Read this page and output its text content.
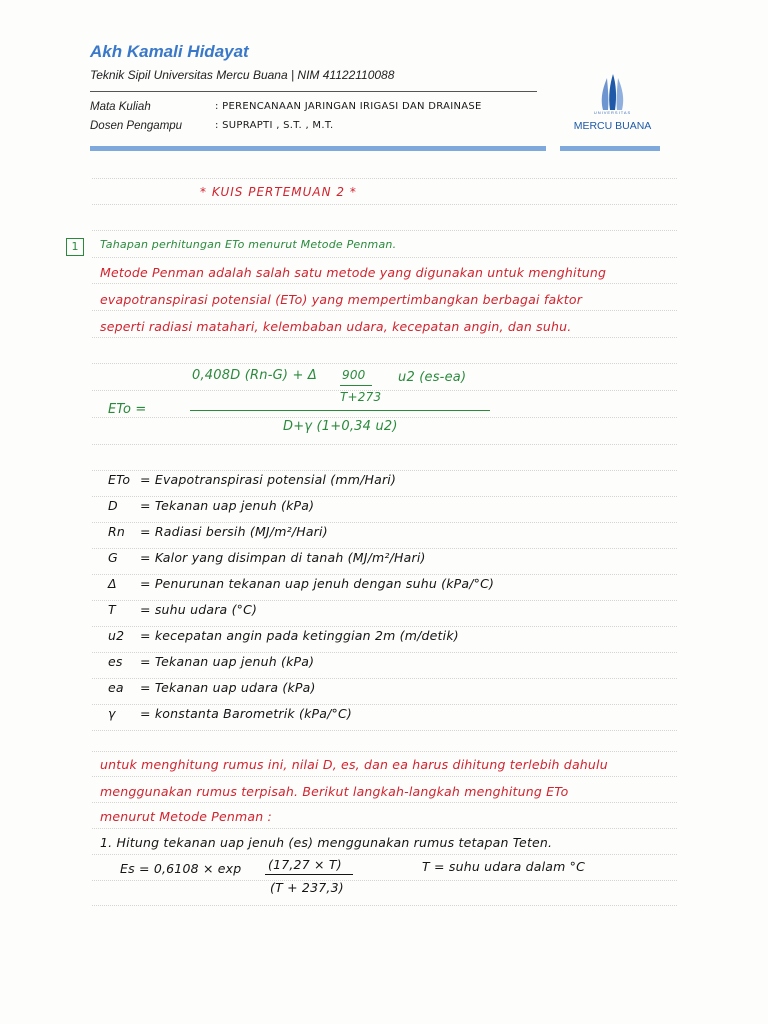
Akh Kamali Hidayat
Teknik Sipil Universitas Mercu Buana | NIM 41122110088
Mata Kuliah	: PERENCANAAN JARINGAN IRIGASI DAN DRAINASE
Dosen Pengampu	: SUPRAPTI , S.T. , M.T.
UNIVERSITAS
MERCU BUANA
* KUIS PERTEMUAN 2 *
1	Tahapan perhitungan ETo menurut Metode Penman.
Metode Penman adalah salah satu metode yang digunakan untuk menghitung
evapotranspirasi potensial (ETo) yang mempertimbangkan berbagai faktor
seperti radiasi matahari, kelembaban udara, kecepatan angin, dan suhu.
0,408D (Rn-G) + Δ 900 u2 (es-ea)
T+273
ETo =
D+γ (1+0,34 u2)
ETo = Evapotranspirasi potensial (mm/Hari)
D = Tekanan uap jenuh (kPa)
Rn = Radiasi bersih (MJ/m²/Hari)
G = Kalor yang disimpan di tanah (MJ/m²/Hari)
Δ = Penurunan tekanan uap jenuh dengan suhu (kPa/°C)
T = suhu udara (°C)
u2 = kecepatan angin pada ketinggian 2m (m/detik)
es = Tekanan uap jenuh (kPa)
ea = Tekanan uap udara (kPa)
γ = konstanta Barometrik (kPa/°C)
untuk menghitung rumus ini, nilai D, es, dan ea harus dihitung terlebih dahulu
menggunakan rumus terpisah. Berikut langkah-langkah menghitung ETo
menurut Metode Penman :
1. Hitung tekanan uap jenuh (es) menggunakan rumus tetapan Teten.
Es = 0,6108 × exp (17,27 × T)
(T + 237,3)
T = suhu udara dalam °C
